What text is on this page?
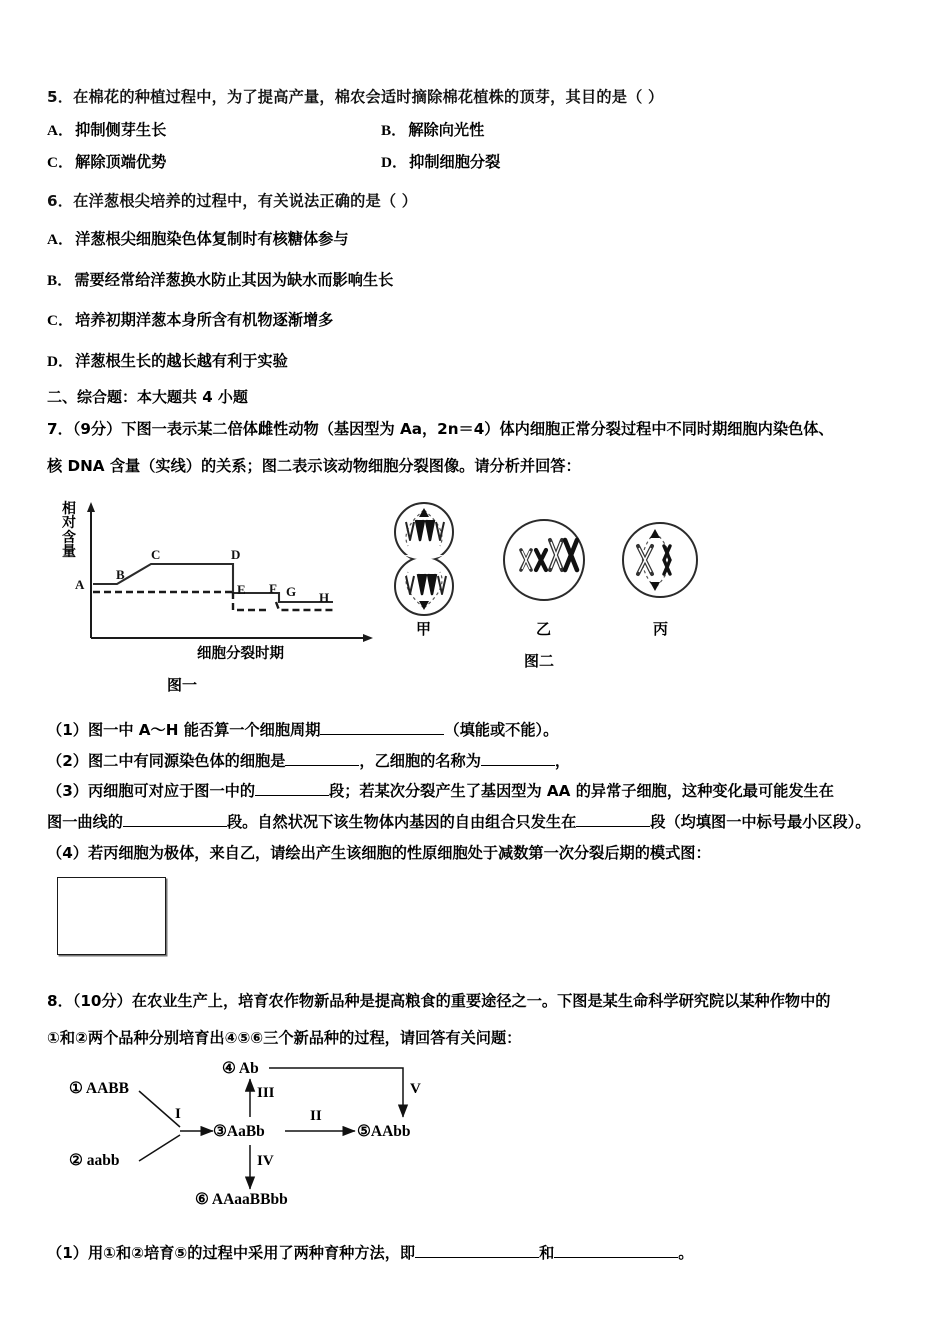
5．在棉花的种植过程中，为了提高产量，棉农会适时摘除棉花植株的顶芽，其目的是（ ）
A． 抑制侧芽生长	B． 解除向光性
C． 解除顶端优势	D． 抑制细胞分裂
6．在洋葱根尖培养的过程中，有关说法正确的是（ ）
A． 洋葱根尖细胞染色体复制时有核糖体参与
B． 需要经常给洋葱换水防止其因为缺水而影响生长
C． 培养初期洋葱本身所含有机物逐渐增多
D． 洋葱根生长的越长越有利于实验
二、综合题：本大题共 4 小题
7．（9分）下图一表示某二倍体雌性动物（基因型为 Aa，2n＝4）体内细胞正常分裂过程中不同时期细胞内染色体、
核 DNA 含量（实线）的关系；图二表示该动物细胞分裂图像。请分析并回答：
A
B
C	D
E F G H
相对含量
细胞分裂时期
图一
甲	乙	丙
图二
（1）图一中 A～H 能否算一个细胞周期	（填能或不能）。
（2）图二中有同源染色体的细胞是	，乙细胞的名称为	，
（3）丙细胞可对应于图一中的	段；若某次分裂产生了基因型为 AA 的异常子细胞，这种变化最可能发生在
图一曲线的	段。自然状况下该生物体内基因的自由组合只发生在	段（均填图一中标号最小区段）。
（4）若丙细胞为极体，来自乙，请绘出产生该细胞的性原细胞处于减数第一次分裂后期的模式图：
8．（10分）在农业生产上，培育农作物新品种是提高粮食的重要途径之一。下图是某生命科学研究院以某种作物中的
①和②两个品种分别培育出④⑤⑥三个新品种的过程，请回答有关问题：
① AABB
② aabb
③AaBb
④ Ab
⑤AAbb
⑥ AAaaBBbb
I	II
III
IV
V
（1）用①和②培育⑤的过程中采用了两种育种方法，即	和	。
